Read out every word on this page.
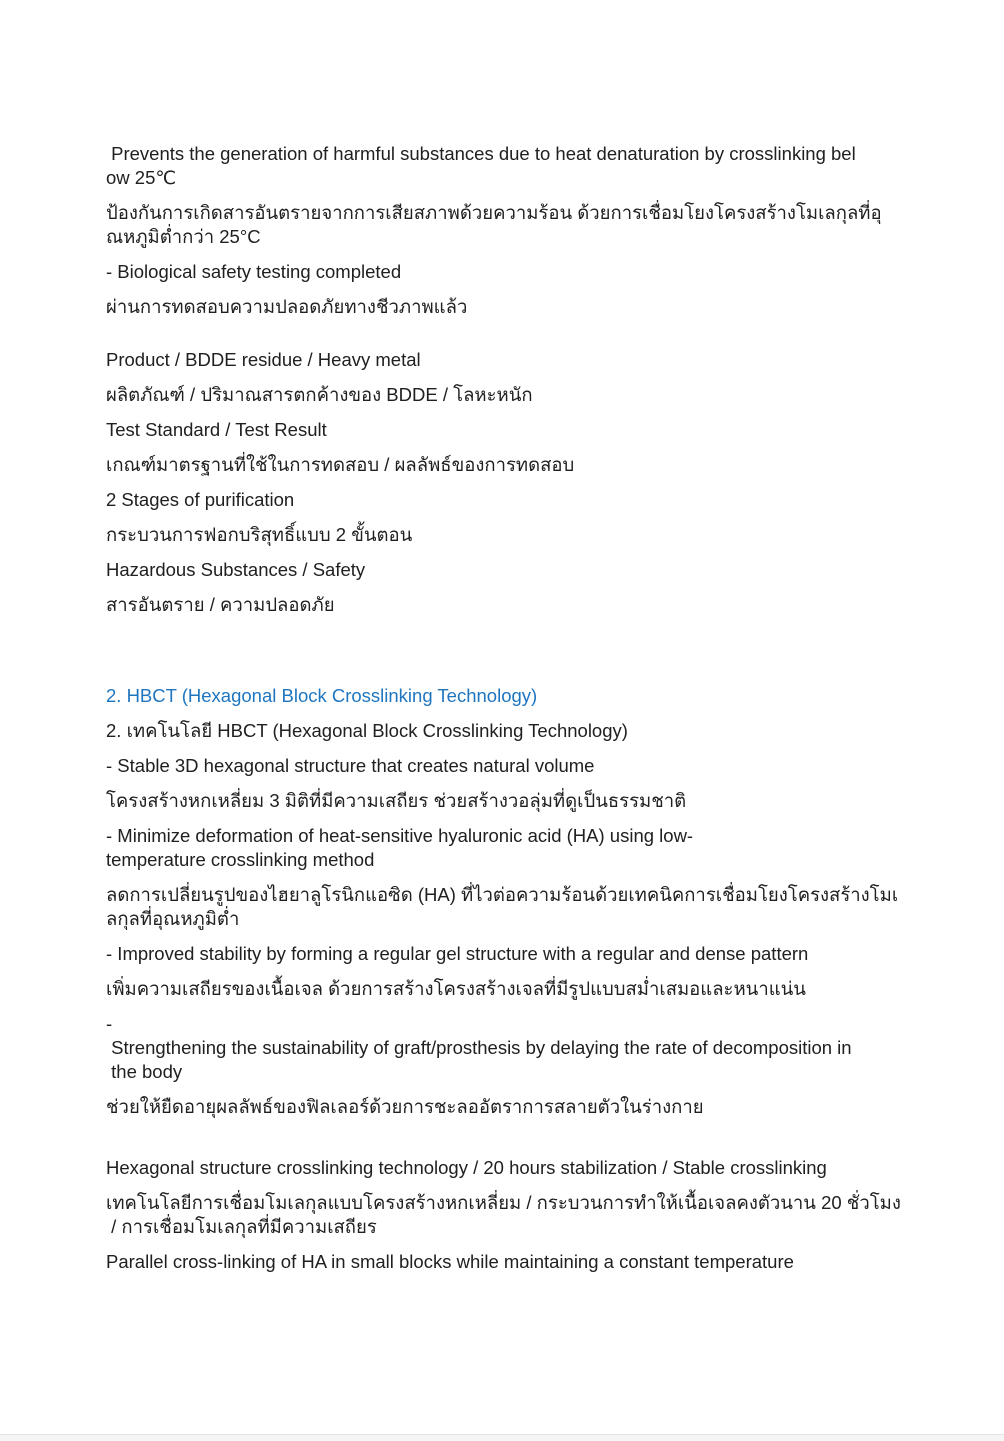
Prevents the generation of harmful substances due to heat denaturation by crosslinking bel
ow 25℃

ป้องกันการเกิดสารอันตรายจากการเสียสภาพด้วยความร้อน ด้วยการเชื่อมโยงโครงสร้างโมเลกุลที่อุ
ณหภูมิต่ำกว่า 25°C

- Biological safety testing completed

ผ่านการทดสอบความปลอดภัยทางชีวภาพแล้ว

Product / BDDE residue / Heavy metal

ผลิตภัณฑ์ / ปริมาณสารตกค้างของ BDDE / โลหะหนัก

Test Standard / Test Result

เกณฑ์มาตรฐานที่ใช้ในการทดสอบ / ผลลัพธ์ของการทดสอบ

2 Stages of purification

กระบวนการฟอกบริสุทธิ์แบบ 2 ขั้นตอน

Hazardous Substances / Safety

สารอันตราย / ความปลอดภัย

2. HBCT (Hexagonal Block Crosslinking Technology)

2. เทคโนโลยี HBCT (Hexagonal Block Crosslinking Technology)

- Stable 3D hexagonal structure that creates natural volume

โครงสร้างหกเหลี่ยม 3 มิติที่มีความเสถียร ช่วยสร้างวอลุ่มที่ดูเป็นธรรมชาติ

- Minimize deformation of heat-sensitive hyaluronic acid (HA) using low-
temperature crosslinking method

ลดการเปลี่ยนรูปของไฮยาลูโรนิกแอซิด (HA) ที่ไวต่อความร้อนด้วยเทคนิคการเชื่อมโยงโครงสร้างโมเ
ลกุลที่อุณหภูมิต่ำ

- Improved stability by forming a regular gel structure with a regular and dense pattern

เพิ่มความเสถียรของเนื้อเจล ด้วยการสร้างโครงสร้างเจลที่มีรูปแบบสม่ำเสมอและหนาแน่น

-
Strengthening the sustainability of graft/prosthesis by delaying the rate of decomposition in
the body

ช่วยให้ยืดอายุผลลัพธ์ของฟิลเลอร์ด้วยการชะลออัตราการสลายตัวในร่างกาย

Hexagonal structure crosslinking technology / 20 hours stabilization / Stable crosslinking

เทคโนโลยีการเชื่อมโมเลกุลแบบโครงสร้างหกเหลี่ยม / กระบวนการทำให้เนื้อเจลคงตัวนาน 20 ชั่วโมง
/ การเชื่อมโมเลกุลที่มีความเสถียร

Parallel cross-linking of HA in small blocks while maintaining a constant temperature
